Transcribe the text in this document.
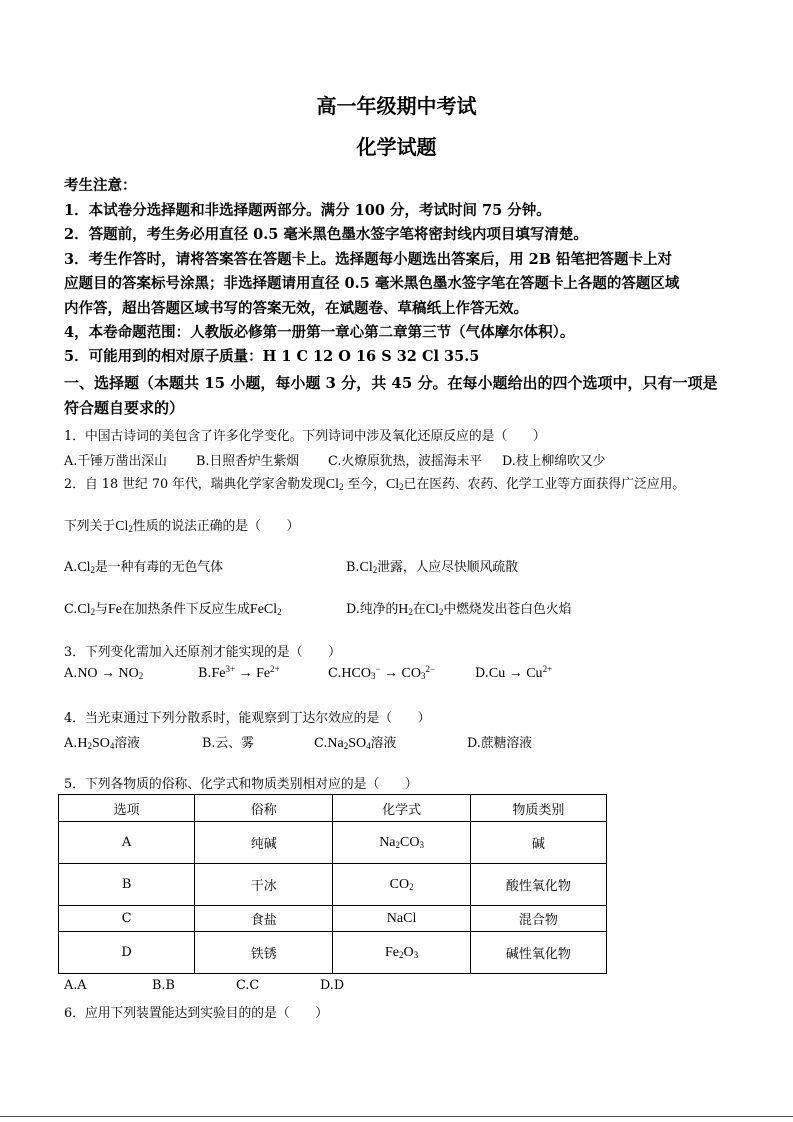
高一年级期中考试
化学试题
考生注意：
1．本试卷分选择题和非选择题两部分。满分 100 分，考试时间 75 分钟。
2．答题前，考生务必用直径 0.5 毫米黑色墨水签字笔将密封线内项目填写清楚。
3．考生作答时，请将答案答在答题卡上。选择题每小题选出答案后，用 2B 铅笔把答题卡上对
应题目的答案标号涂黑；非选择题请用直径 0.5 毫米黑色墨水签字笔在答题卡上各题的答题区域
内作答，超出答题区域书写的答案无效，在斌题卷、草稿纸上作答无效。
4，本卷命题范围：人教版必修第一册第一章心第二章第三节（气体摩尔体积）。
5．可能用到的相对原子质量：H 1 C 12 O 16 S 32 Cl 35.5
一、选择题（本题共 15 小题，每小题 3 分，共 45 分。在每小题给出的四个选项中，只有一项是
符合题自要求的）
1．中国古诗词的美包含了许多化学变化。下列诗词中涉及氧化还原反应的是（　　）
A.千锤万凿出深山 B.日照香炉生紫烟 C.火燎原犹热，波摇海未平 D.枝上柳绵吹又少
2．自 18 世纪 70 年代，瑞典化学家舍勒发现$Cl_2$ 至今，$Cl_2$已在医药、农药、化学工业等方面获得广泛应用。
下列关于$Cl_2$性质的说法正确的是（　　）
$A.Cl_2$是一种有毒的无色气体	$B.Cl_2$泄露，人应尽快顺风疏散
$C.Cl_2$与Fe在加热条件下反应生成FeCl$_2$	D.纯净的$H_2$在$Cl_2$中燃烧发出苍白色火焰
3．下列变化需加入还原剂才能实现的是（　　）
$A.NO \to NO_2$	$B.Fe^{3+} \to Fe^{2+}$	$C.HCO_3^- \to CO_3^{2-}$	$D.Cu \to Cu^{2+}$
4．当光束通过下列分散系时，能观察到丁达尔效应的是（　　）
$A.H_2SO_4$溶液	B.云、雾	$C.Na_2SO_4$溶液	D.蔗糖溶液
5．下列各物质的俗称、化学式和物质类别相对应的是（　　）
选项	俗称	化学式	物质类别
A	纯碱	$Na_2CO_3$	碱
B	干冰	$CO_2$	酸性氧化物
C	食盐	NaCl	混合物
D	铁锈	$Fe_2O_3$	碱性氧化物
A.A	B.B	C.C	D.D
6．应用下列装置能达到实验目的的是（　　）
